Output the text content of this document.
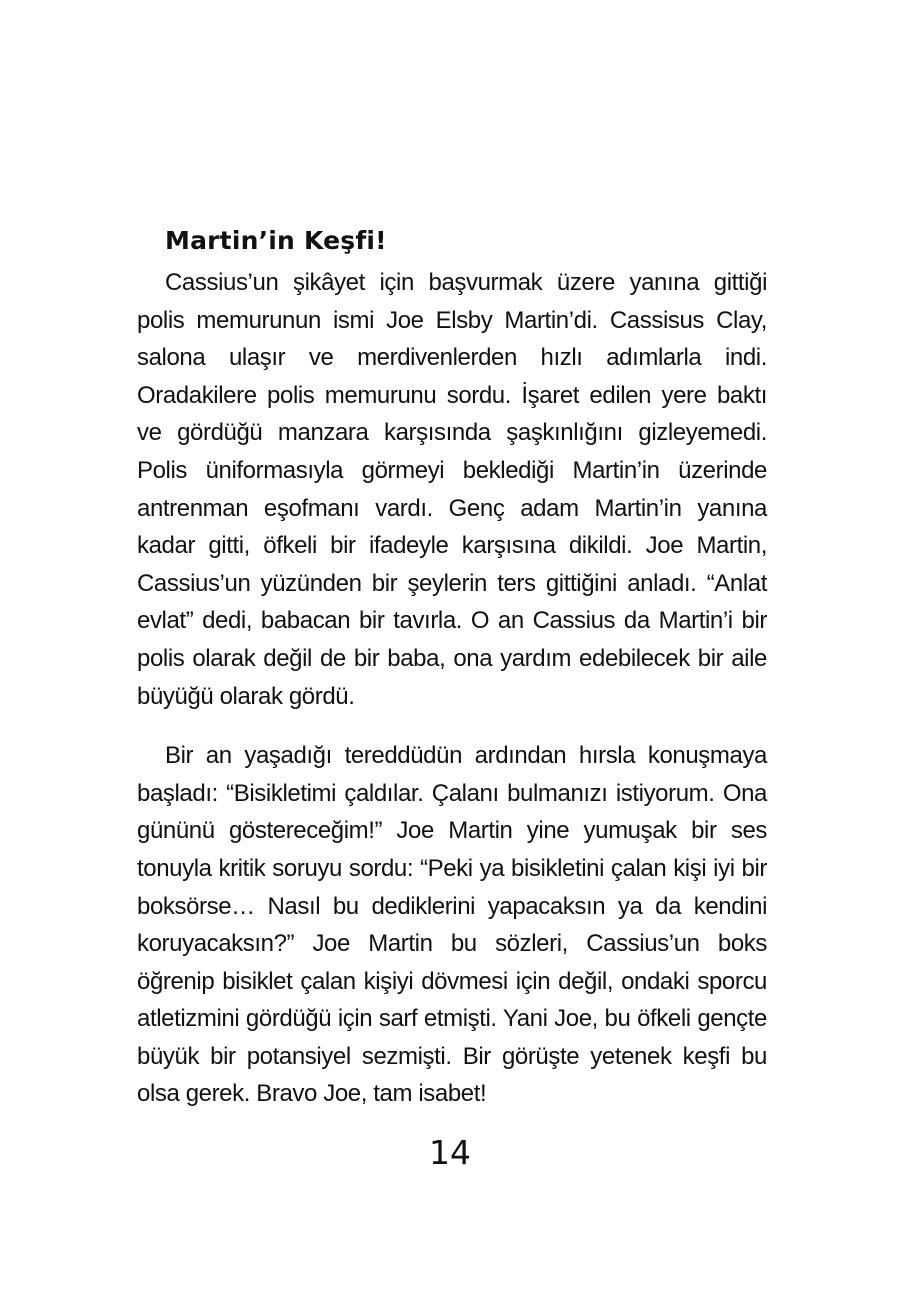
Martin’in Keşfi!

Cassius’un şikâyet için başvurmak üzere yanına gittiği polis memurunun ismi Joe Elsby Martin’di. Cassisus Clay, salona ulaşır ve merdivenlerden hızlı adımlarla indi. Oradakilere polis memurunu sordu. İşaret edilen yere baktı ve gördüğü manzara karşısında şaşkınlığını gizleyemedi. Polis üniformasıyla görmeyi beklediği Martin’in üzerinde antrenman eşofmanı vardı. Genç adam Martin’in yanına kadar gitti, öfkeli bir ifadeyle karşısına dikildi. Joe Martin, Cassius’un yüzünden bir şeylerin ters gittiğini anladı. “Anlat evlat” dedi, babacan bir tavırla. O an Cassius da Martin’i bir polis olarak değil de bir baba, ona yardım edebilecek bir aile büyüğü olarak gördü.

Bir an yaşadığı tereddüdün ardından hırsla konuşmaya başladı: “Bisikletimi çaldılar. Çalanı bulmanızı istiyorum. Ona gününü göstereceğim!” Joe Martin yine yumuşak bir ses tonuyla kritik soruyu sordu: “Peki ya bisikletini çalan kişi iyi bir boksörse… Nasıl bu dediklerini yapacaksın ya da kendini koruyacaksın?” Joe Martin bu sözleri, Cassius’un boks öğrenip bisiklet çalan kişiyi dövmesi için değil, ondaki sporcu atletizmini gördüğü için sarf etmişti. Yani Joe, bu öfkeli gençte büyük bir potansiyel sezmişti. Bir görüşte yetenek keşfi bu olsa gerek. Bravo Joe, tam isabet!

14
